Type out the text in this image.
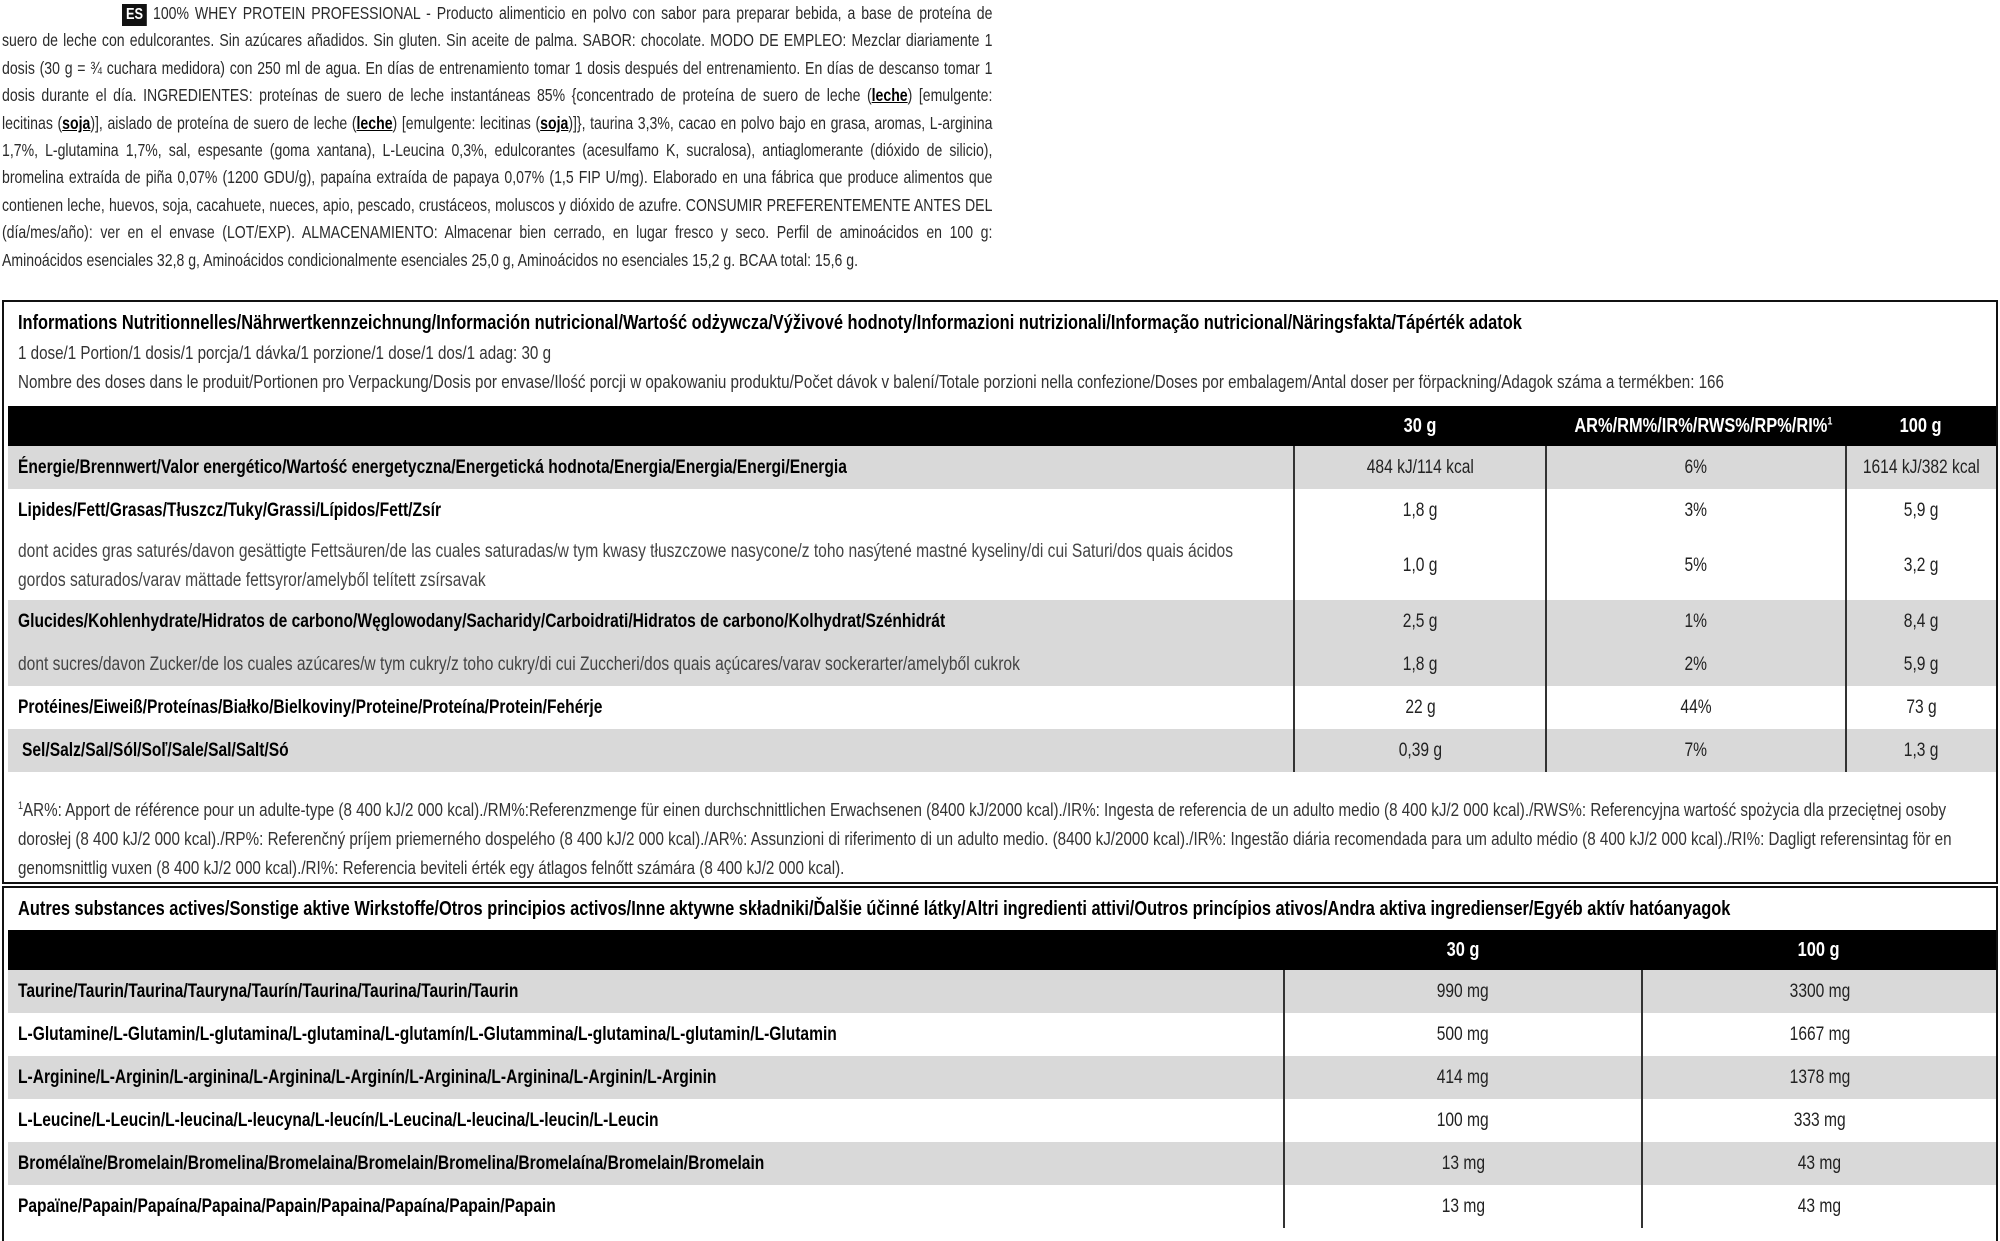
ES 100% WHEY PROTEIN PROFESSIONAL - Producto alimenticio en polvo con sabor para preparar bebida, a base de proteína de suero de leche con edulcorantes. Sin azúcares añadidos. Sin gluten. Sin aceite de palma. SABOR: chocolate. MODO DE EMPLEO: Mezclar diariamente 1 dosis (30 g = ¾ cuchara medidora) con 250 ml de agua. En días de entrenamiento tomar 1 dosis después del entrenamiento. En días de descanso tomar 1 dosis durante el día. INGREDIENTES: proteínas de suero de leche instantáneas 85% {concentrado de proteína de suero de leche (leche) [emulgente: lecitinas (soja)], aislado de proteína de suero de leche (leche) [emulgente: lecitinas (soja)]}, taurina 3,3%, cacao en polvo bajo en grasa, aromas, L-arginina 1,7%, L-glutamina 1,7%, sal, espesante (goma xantana), L-Leucina 0,3%, edulcorantes (acesulfamo K, sucralosa), antiaglomerante (dióxido de silicio), bromelina extraída de piña 0,07% (1200 GDU/g), papaína extraída de papaya 0,07% (1,5 FIP U/mg). Elaborado en una fábrica que produce alimentos que contienen leche, huevos, soja, cacahuete, nueces, apio, pescado, crustáceos, moluscos y dióxido de azufre. CONSUMIR PREFERENTEMENTE ANTES DEL (día/mes/año): ver en el envase (LOT/EXP). ALMACENAMIENTO: Almacenar bien cerrado, en lugar fresco y seco. Perfil de aminoácidos en 100 g: Aminoácidos esenciales 32,8 g, Aminoácidos condicionalmente esenciales 25,0 g, Aminoácidos no esenciales 15,2 g. BCAA total: 15,6 g.
Informations Nutritionnelles/Nährwertkennzeichnung/Información nutricional/Wartość odżywcza/Výživové hodnoty/Informazioni nutrizionali/Informação nutricional/Näringsfakta/Tápérték adatok
1 dose/1 Portion/1 dosis/1 porcja/1 dávka/1 porzione/1 dose/1 dos/1 adag: 30 g
Nombre des doses dans le produit/Portionen pro Verpackung/Dosis por envase/Ilość porcji w opakowaniu produktu/Počet dávok v balení/Totale porzioni nella confezione/Doses por embalagem/Antal doser per förpackning/Adagok száma a termékben: 166
	30 g	AR%/RM%/IR%/RWS%/RP%/RI%$^1$	100 g
Énergie/Brennwert/Valor energético/Wartość energetyczna/Energetická hodnota/Energia/Energia/Energi/Energia	484 kJ/114 kcal	6%	1614 kJ/382 kcal
Lipides/Fett/Grasas/Tłuszcz/Tuky/Grassi/Lípidos/Fett/Zsír	1,8 g	3%	5,9 g

dont acides gras saturés/davon gesättigte Fettsäuren/de las cuales saturadas/w tym kwasy tłuszczowe nasycone/z toho nasýtené mastné kyseliny/di cui Saturi/dos quais ácidos gordos saturados/varav mättade fettsyror/amelyből telített zsírsavak	1,0 g	5%	3,2 g
Glucides/Kohlenhydrate/Hidratos de carbono/Węglowodany/Sacharidy/Carboidrati/Hidratos de carbono/Kolhydrat/Szénhidrát	2,5 g	1%	8,4 g
dont sucres/davon Zucker/de los cuales azúcares/w tym cukry/z toho cukry/di cui Zuccheri/dos quais açúcares/varav sockerarter/amelyből cukrok	1,8 g	2%	5,9 g
Protéines/Eiweiß/Proteínas/Białko/Bielkoviny/Proteine/Proteína/Protein/Fehérje	22 g	44%	73 g
Sel/Salz/Sal/Sól/Soľ/Sale/Sal/Salt/Só	0,39 g	7%	1,3 g
$^1$AR%: Apport de référence pour un adulte-type (8 400 kJ/2 000 kcal)./RM%:Referenzmenge für einen durchschnittlichen Erwachsenen (8400 kJ/2000 kcal)./IR%: Ingesta de referencia de un adulto medio (8 400 kJ/2 000 kcal)./RWS%: Referencyjna wartość spożycia dla przeciętnej osoby dorosłej (8 400 kJ/2 000 kcal)./RP%: Referenčný príjem priemerného dospelého (8 400 kJ/2 000 kcal)./AR%: Assunzioni di riferimento di un adulto medio. (8400 kJ/2000 kcal)./IR%: Ingestão diária recomendada para um adulto médio (8 400 kJ/2 000 kcal)./RI%: Dagligt referensintag för en genomsnittlig vuxen (8 400 kJ/2 000 kcal)./RI%: Referencia beviteli érték egy átlagos felnőtt számára (8 400 kJ/2 000 kcal).
Autres substances actives/Sonstige aktive Wirkstoffe/Otros principios activos/Inne aktywne składniki/Ďalšie účinné látky/Altri ingredienti attivi/Outros princípios ativos/Andra aktiva ingredienser/Egyéb aktív hatóanyagok
	30 g	100 g
Taurine/Taurin/Taurina/Tauryna/Taurín/Taurina/Taurina/Taurin/Taurin	990 mg	3300 mg
L-Glutamine/L-Glutamin/L-glutamina/L-glutamina/L-glutamín/L-Glutammina/L-glutamina/L-glutamin/L-Glutamin	500 mg	1667 mg
L-Arginine/L-Arginin/L-arginina/L-Arginina/L-Arginín/L-Arginina/L-Arginina/L-Arginin/L-Arginin	414 mg	1378 mg
L-Leucine/L-Leucin/L-leucina/L-leucyna/L-leucín/L-Leucina/L-leucina/L-leucin/L-Leucin	100 mg	333 mg
Bromélaïne/Bromelain/Bromelina/Bromelaina/Bromelain/Bromelina/Bromelaína/Bromelain/Bromelain	13 mg	43 mg
Papaïne/Papain/Papaína/Papaina/Papain/Papaina/Papaína/Papain/Papain	13 mg	43 mg
